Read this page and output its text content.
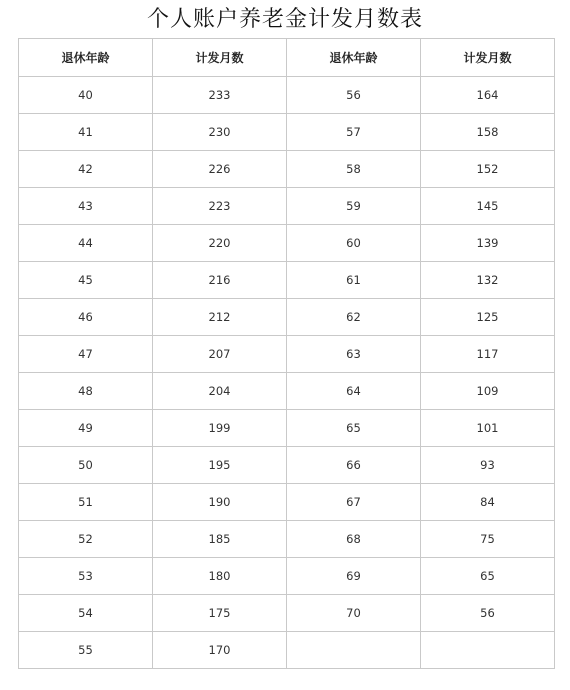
个人账户养老金计发月数表
退休年龄	计发月数	退休年龄	计发月数
40	233	56	164
41	230	57	158
42	226	58	152
43	223	59	145
44	220	60	139
45	216	61	132
46	212	62	125
47	207	63	117
48	204	64	109
49	199	65	101
50	195	66	93
51	190	67	84
52	185	68	75
53	180	69	65
54	175	70	56
55	170		
